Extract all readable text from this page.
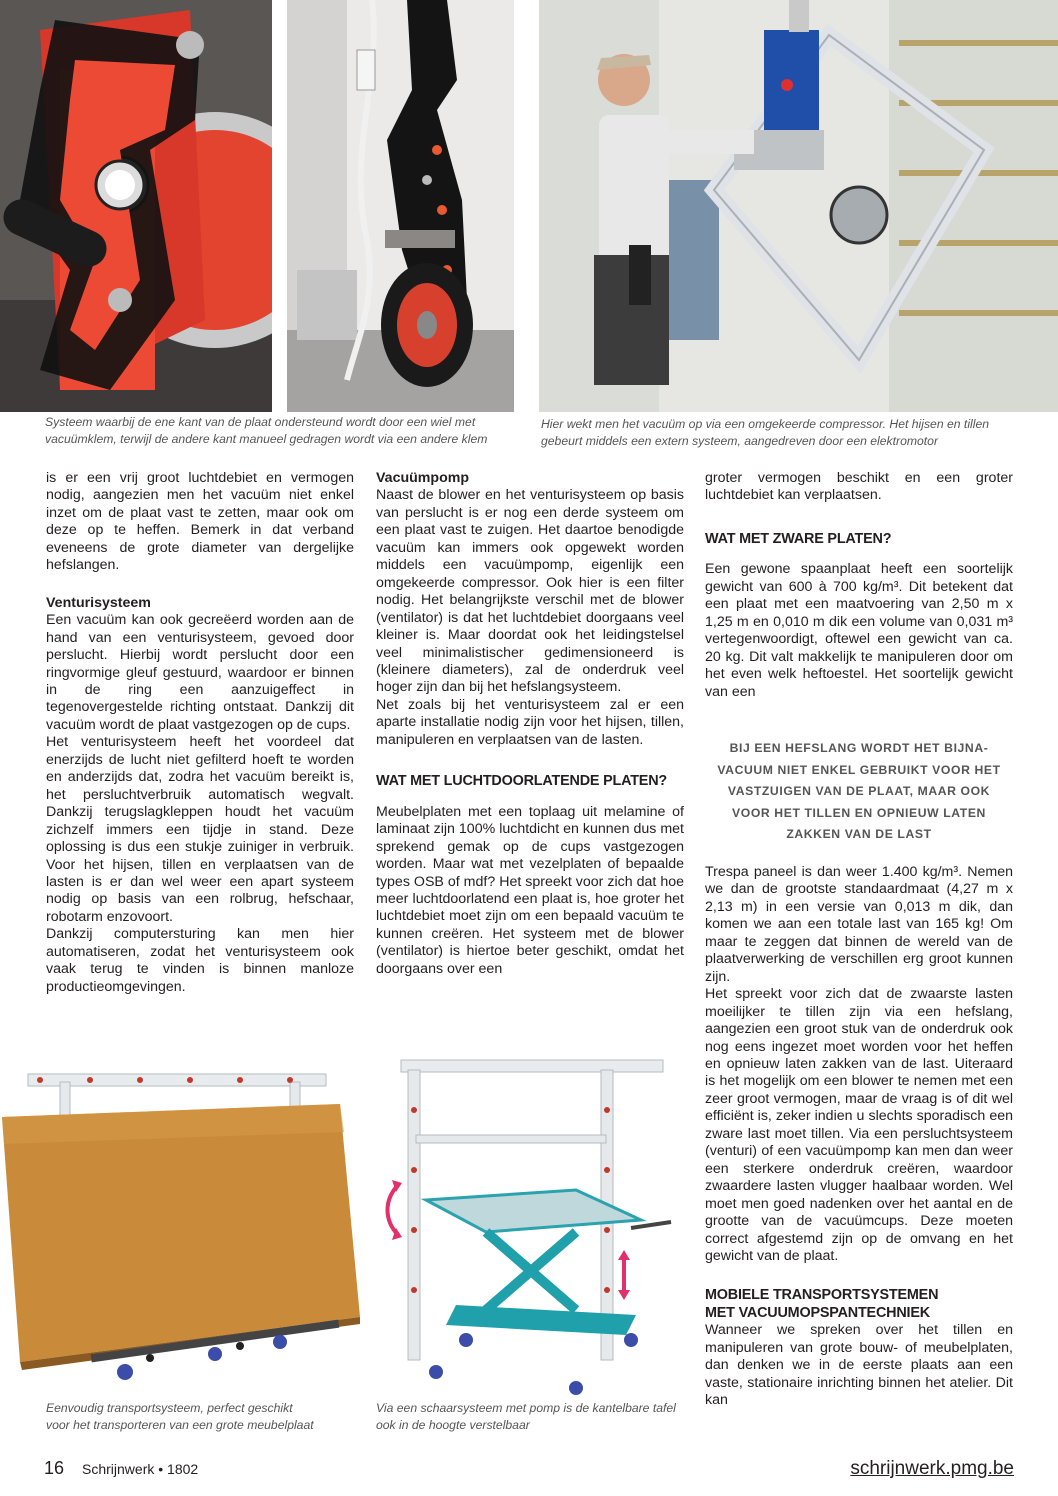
Systeem waarbij de ene kant van de plaat ondersteund wordt door een wiel met
vacuümklem, terwijl de andere kant manueel gedragen wordt via een andere klem
Hier wekt men het vacuüm op via een omgekeerde compressor. Het hijsen en tillen
gebeurt middels een extern systeem, aangedreven door een elektromotor

is er een vrij groot luchtdebiet en vermogen nodig, aangezien men het vacuüm niet enkel inzet om de plaat vast te zetten, maar ook om deze op te heffen. Bemerk in dat verband eveneens de grote diameter van dergelijke hefslangen.

Venturisysteem

Een vacuüm kan ook gecreëerd worden aan de hand van een venturisysteem, gevoed door perslucht. Hierbij wordt perslucht door een ringvormige gleuf gestuurd, waardoor er binnen in de ring een aanzuigeffect in tegenovergestelde richting ontstaat. Dankzij dit vacuüm wordt de plaat vastgezogen op de cups.

Het venturisysteem heeft het voordeel dat enerzijds de lucht niet gefilterd hoeft te worden en anderzijds dat, zodra het vacuüm bereikt is, het persluchtverbruik automatisch wegvalt. Dankzij terugslagkleppen houdt het vacuüm zichzelf immers een tijdje in stand. Deze oplossing is dus een stukje zuiniger in verbruik. Voor het hijsen, tillen en verplaatsen van de lasten is er dan wel weer een apart systeem nodig op basis van een rolbrug, hefschaar, robotarm enzovoort.

Dankzij computersturing kan men hier automatiseren, zodat het venturisysteem ook vaak terug te vinden is binnen manloze productieomgevingen.

Vacuümpomp

Naast de blower en het venturisysteem op basis van perslucht is er nog een derde systeem om een plaat vast te zuigen. Het daartoe benodigde vacuüm kan immers ook opgewekt worden middels een vacuümpomp, eigenlijk een omgekeerde compressor. Ook hier is een filter nodig. Het belangrijkste verschil met de blower (ventilator) is dat het luchtdebiet doorgaans veel kleiner is. Maar doordat ook het leidingstelsel veel minimalistischer gedimensioneerd is (kleinere diameters), zal de onderdruk veel hoger zijn dan bij het hefslangsysteem.

Net zoals bij het venturisysteem zal er een aparte installatie nodig zijn voor het hijsen, tillen, manipuleren en verplaatsen van de lasten.

WAT MET LUCHTDOORLATENDE PLATEN?

Meubelplaten met een toplaag uit melamine of laminaat zijn 100% luchtdicht en kunnen dus met sprekend gemak op de cups vastgezogen worden. Maar wat met vezelplaten of bepaalde types OSB of mdf? Het spreekt voor zich dat hoe meer luchtdoorlatend een plaat is, hoe groter het luchtdebiet moet zijn om een bepaald vacuüm te kunnen creëren. Het systeem met de blower (ventilator) is hiertoe beter geschikt, omdat het doorgaans over een

groter vermogen beschikt en een groter luchtdebiet kan verplaatsen.

WAT MET ZWARE PLATEN?

Een gewone spaanplaat heeft een soortelijk gewicht van 600 à 700 kg/m³. Dit betekent dat een plaat met een maatvoering van 2,50 m x 1,25 m en 0,010 m dik een volume van 0,031 m³ vertegenwoordigt, oftewel een gewicht van ca. 20 kg. Dit valt makkelijk te manipuleren door om het even welk heftoestel. Het soortelijk gewicht van een

BIJ EEN HEFSLANG WORDT HET BIJNA-
VACUUM NIET ENKEL GEBRUIKT VOOR HET
VASTZUIGEN VAN DE PLAAT, MAAR OOK
VOOR HET TILLEN EN OPNIEUW LATEN
ZAKKEN VAN DE LAST

Trespa paneel is dan weer 1.400 kg/m³. Nemen we dan de grootste standaardmaat (4,27 m x 2,13 m) in een versie van 0,013 m dik, dan komen we aan een totale last van 165 kg! Om maar te zeggen dat binnen de wereld van de plaatverwerking de verschillen erg groot kunnen zijn.

Het spreekt voor zich dat de zwaarste lasten moeilijker te tillen zijn via een hefslang, aangezien een groot stuk van de onderdruk ook nog eens ingezet moet worden voor het heffen en opnieuw laten zakken van de last. Uiteraard is het mogelijk om een blower te nemen met een zeer groot vermogen, maar de vraag is of dit wel efficiënt is, zeker indien u slechts sporadisch een zware last moet tillen. Via een persluchtsysteem (venturi) of een vacuümpomp kan men dan weer een sterkere onderdruk creëren, waardoor zwaardere lasten vlugger haalbaar worden. Wel moet men goed nadenken over het aantal en de grootte van de vacuümcups. Deze moeten correct afgestemd zijn op de omvang en het gewicht van de plaat.

MOBIELE TRANSPORTSYSTEMEN
MET VACUUMOPSPANTECHNIEK

Wanneer we spreken over het tillen en manipuleren van grote bouw- of meubelplaten, dan denken we in de eerste plaats aan een vaste, stationaire inrichting binnen het atelier. Dit kan

Eenvoudig transportsysteem, perfect geschikt
voor het transporteren van een grote meubelplaat
Via een schaarsysteem met pomp is de kantelbare tafel
ook in de hoogte verstelbaar
16 Schrijnwerk • 1802	schrijnwerk.pmg.be
